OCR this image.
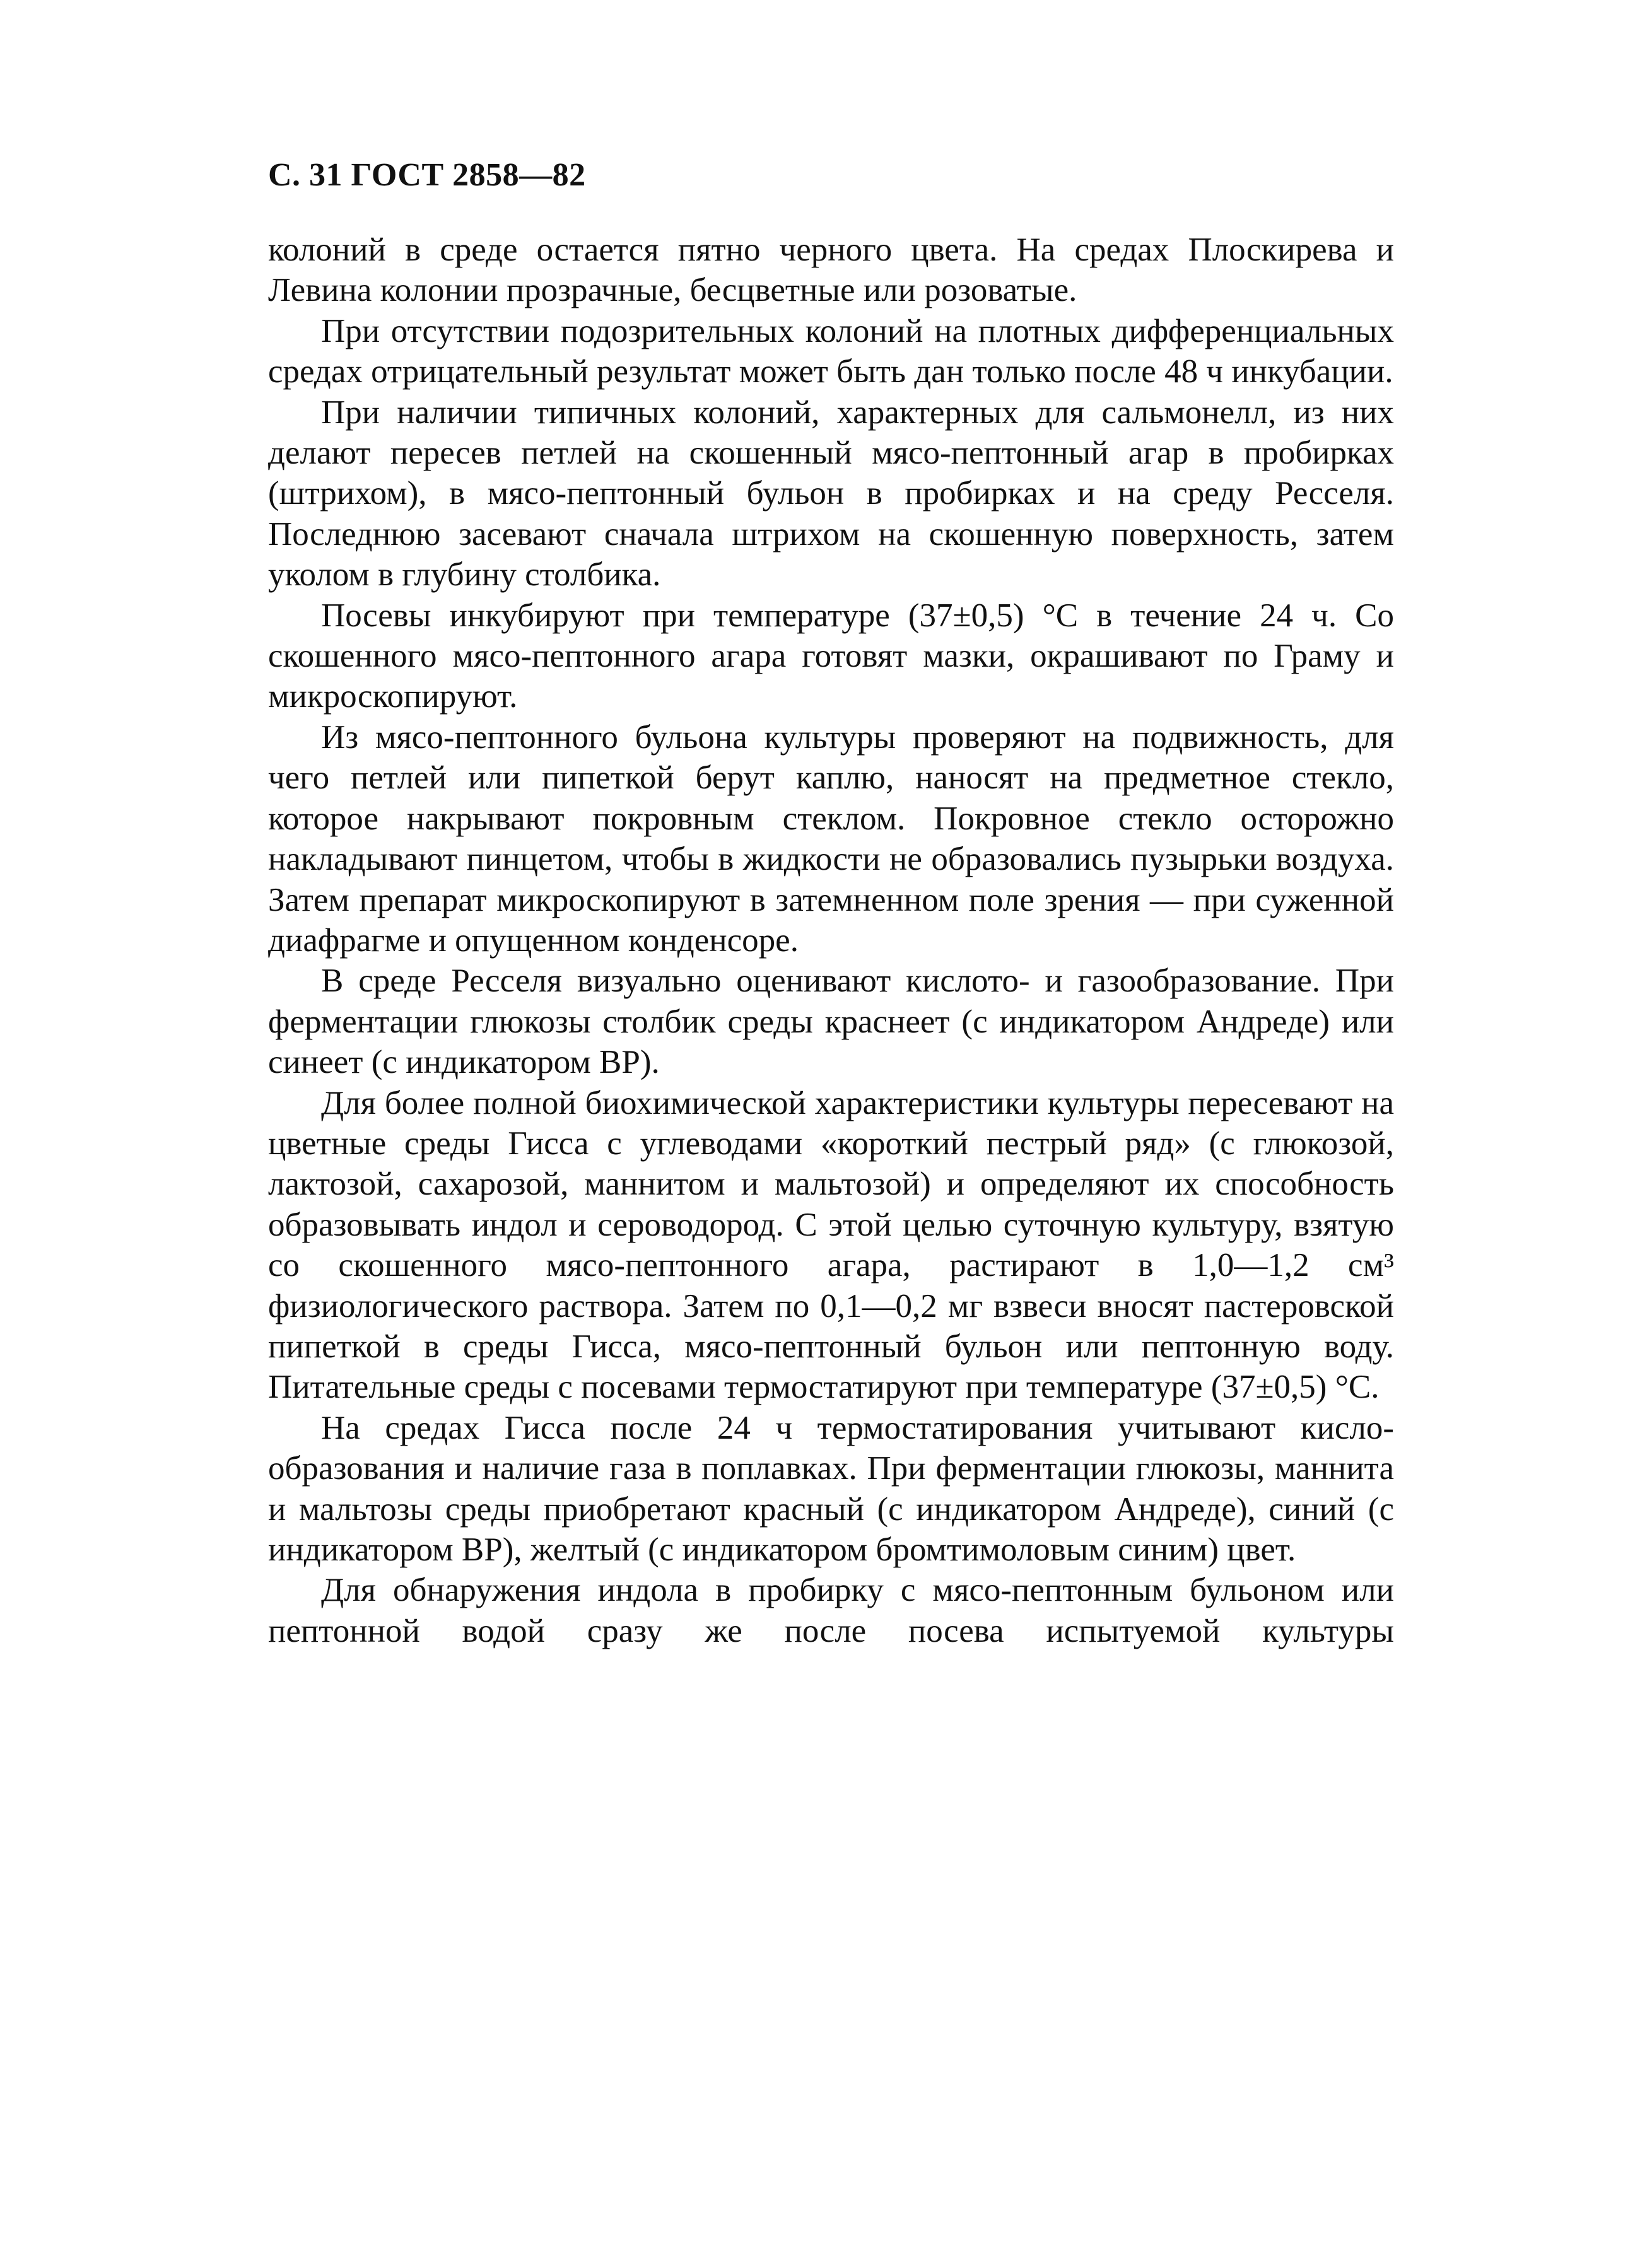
С. 31 ГОСТ 2858—82

колоний в среде остается пятно черного цвета. На средах Плоскирева и Левина колонии прозрачные, бесцветные или розоватые.

При отсутствии подозрительных колоний на плотных дифференциальных средах отрицательный результат может быть дан только после 48 ч инкубации.

При наличии типичных колоний, характерных для сальмонелл, из них делают пересев петлей на скошенный мясо-пептонный агар в пробирках (штрихом), в мясо-пептонный бульон в пробирках и на среду Ресселя. Последнюю засевают сначала штрихом на скошенную поверхность, затем уколом в глубину столбика.

Посевы инкубируют при температуре (37±0,5) °С в течение 24 ч. Со скошенного мясо-пептонного агара готовят мазки, окрашивают по Граму и микроскопируют.

Из мясо-пептонного бульона культуры проверяют на подвижность, для чего петлей или пипеткой берут каплю, наносят на предметное стекло, которое накрывают покровным стеклом. Покровное стекло осторожно накладывают пинцетом, чтобы в жидкости не образовались пузырьки воздуха. Затем препарат микроскопируют в затемненном поле зрения — при суженной диафрагме и опущенном конденсоре.

В среде Ресселя визуально оценивают кислото- и газообразование. При ферментации глюкозы столбик среды краснеет (с индикатором Андреде) или синеет (с индикатором ВР).

Для более полной биохимической характеристики культуры пересевают на цветные среды Гисса с углеводами «короткий пестрый ряд» (с глюкозой, лактозой, сахарозой, маннитом и мальтозой) и определяют их способность образовывать индол и сероводород. С этой целью суточную культуру, взятую со скошенного мясо-пептонного агара, растирают в 1,0—1,2 см³ физиологического раствора. Затем по 0,1—0,2 мг взвеси вносят пастеровской пипеткой в среды Гисса, мясо-пептонный бульон или пептонную воду. Питательные среды с посевами термостатируют при температуре (37±0,5) °С.

На средах Гисса после 24 ч термостатирования учитывают кислообразования и наличие газа в поплавках. При ферментации глюкозы, маннита и мальтозы среды приобретают красный (с индикатором Андреде), синий (с индикатором ВР), желтый (с индикатором бромтимоловым синим) цвет.

Для обнаружения индола в пробирку с мясо-пептонным бульоном или пептонной водой сразу же после посева испытуемой культуры
